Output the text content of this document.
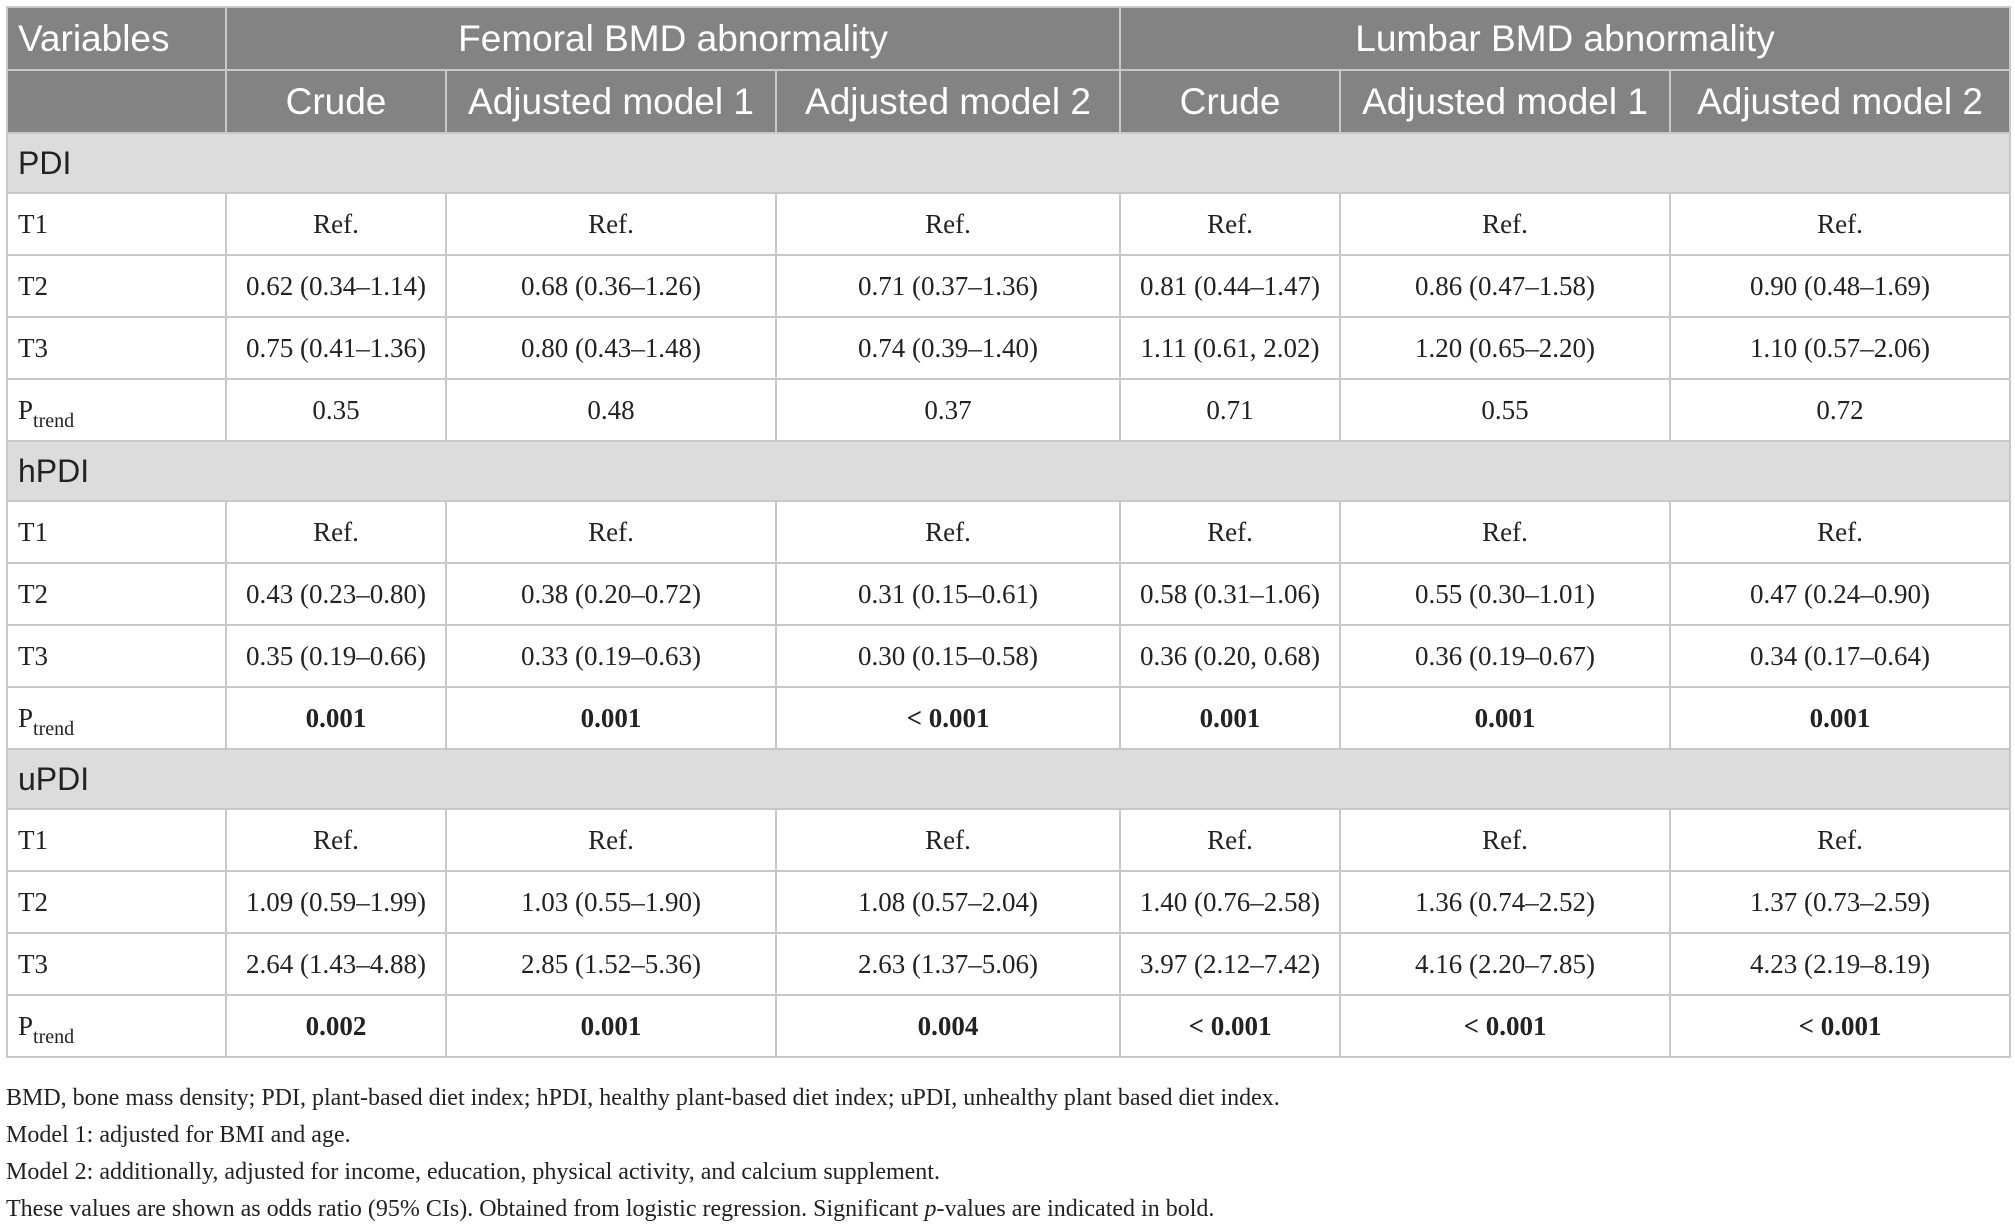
Variables	Femoral BMD abnormality			Lumbar BMD abnormality		
	Crude	Adjusted model 1	Adjusted model 2	Crude	Adjusted model 1	Adjusted model 2
PDI						
T1	Ref.	Ref.	Ref.	Ref.	Ref.	Ref.
T2	0.62 (0.34–1.14)	0.68 (0.36–1.26)	0.71 (0.37–1.36)	0.81 (0.44–1.47)	0.86 (0.47–1.58)	0.90 (0.48–1.69)
T3	0.75 (0.41–1.36)	0.80 (0.43–1.48)	0.74 (0.39–1.40)	1.11 (0.61, 2.02)	1.20 (0.65–2.20)	1.10 (0.57–2.06)
$P_{trend}$	0.35	0.48	0.37	0.71	0.55	0.72
hPDI						
T1	Ref.	Ref.	Ref.	Ref.	Ref.	Ref.
T2	0.43 (0.23–0.80)	0.38 (0.20–0.72)	0.31 (0.15–0.61)	0.58 (0.31–1.06)	0.55 (0.30–1.01)	0.47 (0.24–0.90)
T3	0.35 (0.19–0.66)	0.33 (0.19–0.63)	0.30 (0.15–0.58)	0.36 (0.20, 0.68)	0.36 (0.19–0.67)	0.34 (0.17–0.64)
$P_{trend}$	0.001	0.001	< 0.001	0.001	0.001	0.001
uPDI						
T1	Ref.	Ref.	Ref.	Ref.	Ref.	Ref.
T2	1.09 (0.59–1.99)	1.03 (0.55–1.90)	1.08 (0.57–2.04)	1.40 (0.76–2.58)	1.36 (0.74–2.52)	1.37 (0.73–2.59)
T3	2.64 (1.43–4.88)	2.85 (1.52–5.36)	2.63 (1.37–5.06)	3.97 (2.12–7.42)	4.16 (2.20–7.85)	4.23 (2.19–8.19)
$P_{trend}$	0.002	0.001	0.004	< 0.001	< 0.001	< 0.001

BMD, bone mass density; PDI, plant-based diet index; hPDI, healthy plant-based diet index; uPDI, unhealthy plant based diet index.

Model 1: adjusted for BMI and age.

Model 2: additionally, adjusted for income, education, physical activity, and calcium supplement.

These values are shown as odds ratio (95% CIs). Obtained from logistic regression. Significant p-values are indicated in bold.
